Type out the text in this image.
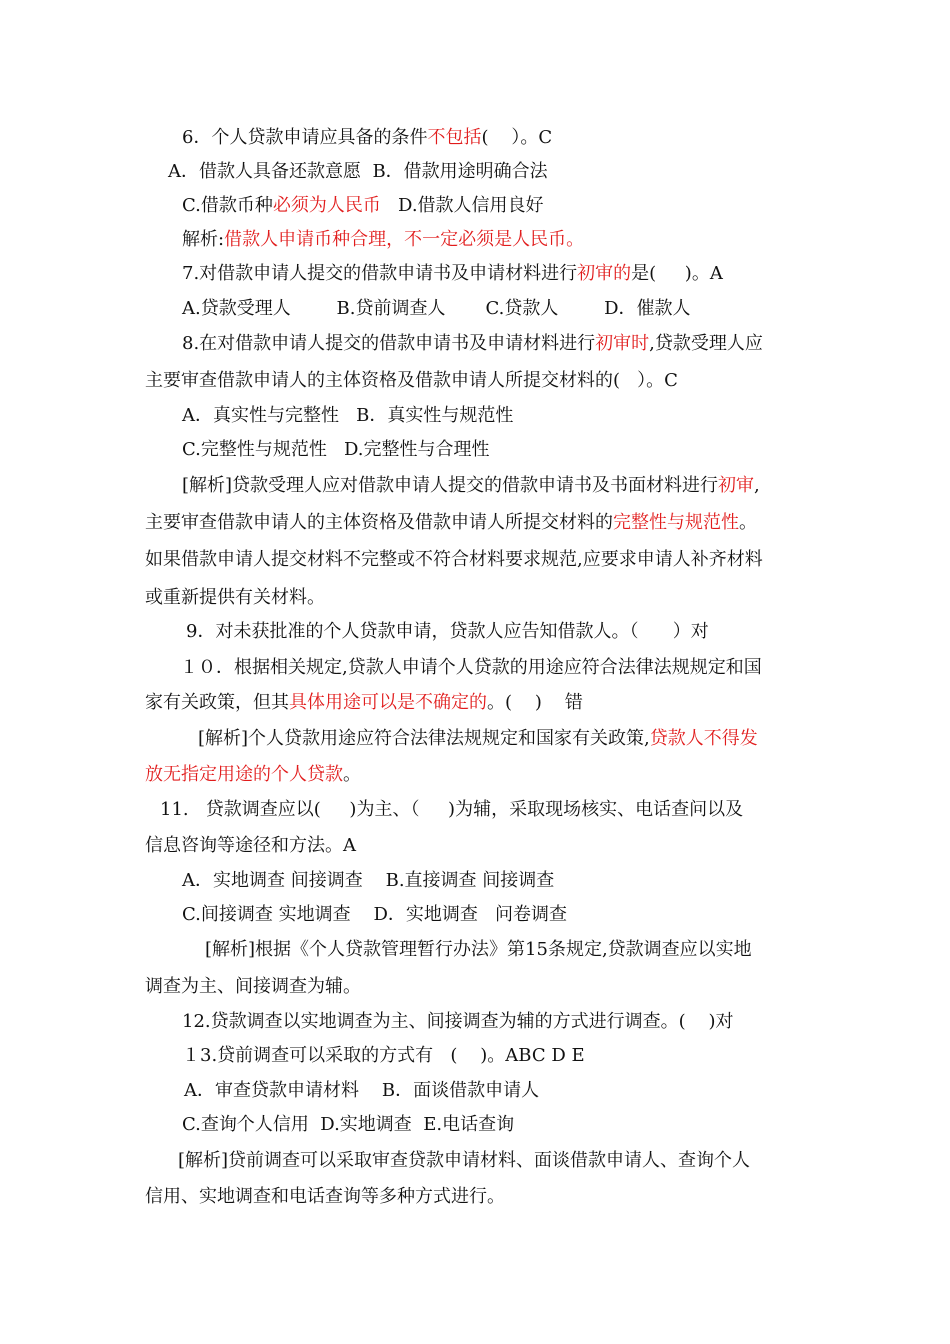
6．个人贷款申请应具备的条件不包括(    ）。C
A．借款人具备还款意愿  B．借款用途明确合法
C.借款币种必须为人民币   D.借款人信用良好
解析:借款人申请币种合理，不一定必须是人民币。
7.对借款申请人提交的借款申请书及申请材料进行初审的是(     )。A
A.贷款受理人        B.贷前调查人       C.贷款人        D．催款人
8.在对借款申请人提交的借款申请书及申请材料进行初审时,贷款受理人应
主要审查借款申请人的主体资格及借款申请人所提交材料的(   ）。C
A．真实性与完整性   B．真实性与规范性
C.完整性与规范性   D.完整性与合理性
[解析]贷款受理人应对借款申请人提交的借款申请书及书面材料进行初审,
主要审查借款申请人的主体资格及借款申请人所提交材料的完整性与规范性。
如果借款申请人提交材料不完整或不符合材料要求规范,应要求申请人补齐材料
或重新提供有关材料。
9．对未获批准的个人贷款申请，贷款人应告知借款人。（      ）对
１０．根据相关规定,贷款人申请个人贷款的用途应符合法律法规规定和国
家有关政策，但其具体用途可以是不确定的。(    )    错
[解析]个人贷款用途应符合法律法规规定和国家有关政策,贷款人不得发
放无指定用途的个人贷款。
11.   贷款调查应以(     )为主、（     )为辅，采取现场核实、电话查问以及
信息咨询等途径和方法。A
A．实地调查 间接调查    B.直接调查 间接调查
C.间接调查 实地调查    D．实地调查   问卷调查
[解析]根据《个人贷款管理暂行办法》第15条规定,贷款调查应以实地
调查为主、间接调查为辅。
12.贷款调查以实地调查为主、间接调查为辅的方式进行调查。(    )对
１3.贷前调查可以采取的方式有   (    )。ABC D E
A．审查贷款申请材料    B．面谈借款申请人
C.查询个人信用  D.实地调查  E.电话查询
[解析]贷前调查可以采取审查贷款申请材料、面谈借款申请人、查询个人
信用、实地调查和电话查询等多种方式进行。
